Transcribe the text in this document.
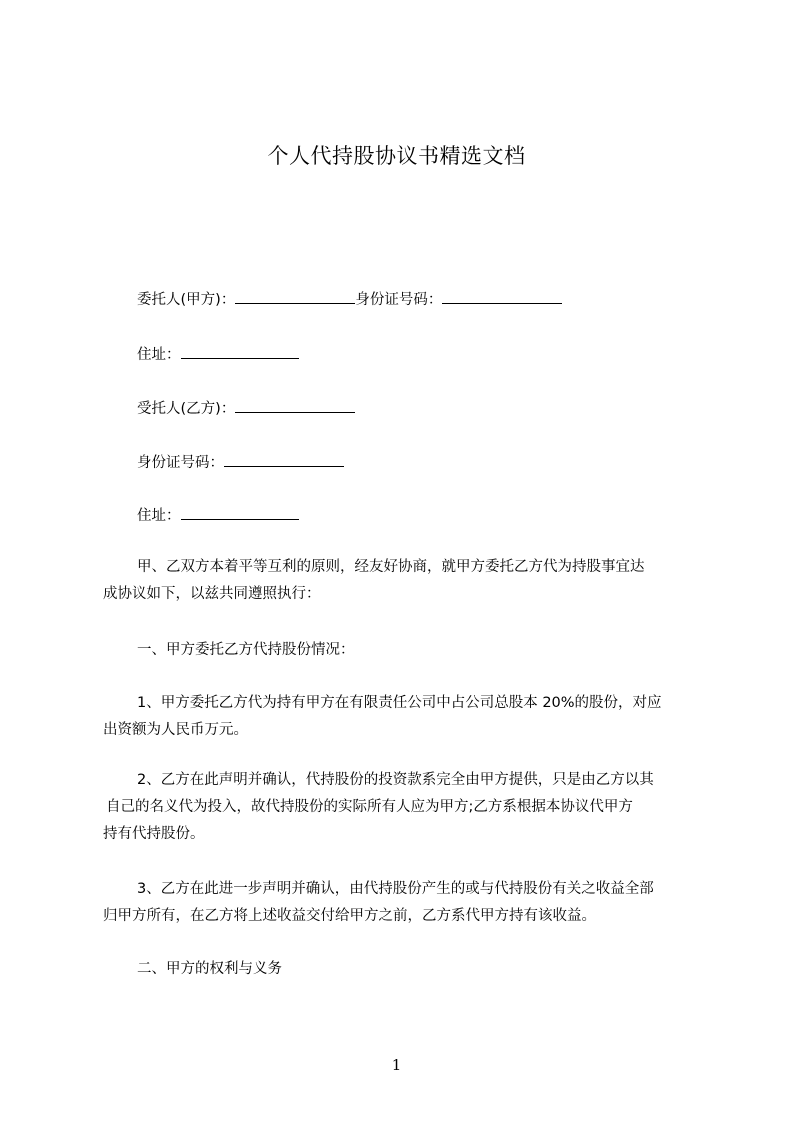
个人代持股协议书精选文档
委托人(甲方)：	身份证号码：
住址：
受托人(乙方)：
身份证号码：
住址：
甲、乙双方本着平等互利的原则，经友好协商，就甲方委托乙方代为持股事宜达
成协议如下，以兹共同遵照执行：
一、甲方委托乙方代持股份情况：
1、甲方委托乙方代为持有甲方在有限责任公司中占公司总股本 20%的股份，对应
出资额为人民币万元。
2、乙方在此声明并确认，代持股份的投资款系完全由甲方提供，只是由乙方以其
自己的名义代为投入，故代持股份的实际所有人应为甲方;乙方系根据本协议代甲方
持有代持股份。
3、乙方在此进一步声明并确认，由代持股份产生的或与代持股份有关之收益全部
归甲方所有，在乙方将上述收益交付给甲方之前，乙方系代甲方持有该收益。
二、甲方的权利与义务
1
